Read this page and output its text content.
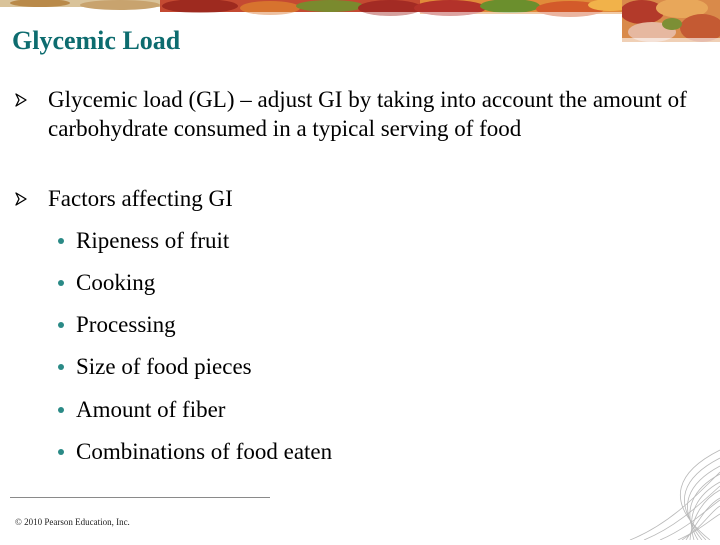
Glycemic Load
Glycemic load (GL) – adjust GI by taking into account the amount of carbohydrate consumed in a typical serving of food
Factors affecting GI
Ripeness of fruit
Cooking
Processing
Size of food pieces
Amount of fiber
Combinations of food eaten
© 2010 Pearson Education, Inc.
